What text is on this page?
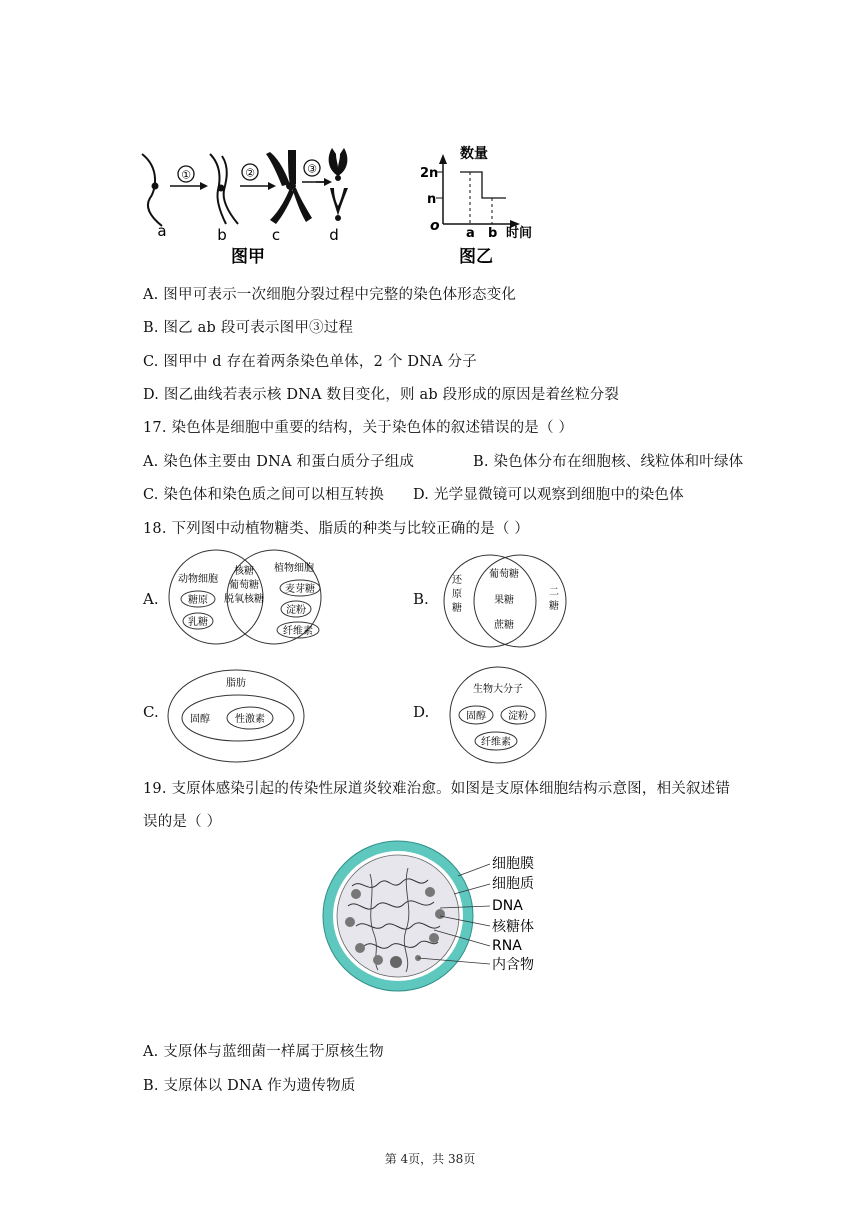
①	②	③
a	b	c	d
图甲
数量
2n
n
o a b 时间
图乙
A. 图甲可表示一次细胞分裂过程中完整的染色体形态变化
B. 图乙 ab 段可表示图甲③过程
C. 图甲中 d 存在着两条染色单体，2 个 DNA 分子
D. 图乙曲线若表示核 DNA 数目变化，则 ab 段形成的原因是着丝粒分裂
17. 染色体是细胞中重要的结构，关于染色体的叙述错误的是（ ）
A. 染色体主要由 DNA 和蛋白质分子组成	B. 染色体分布在细胞核、线粒体和叶绿体
C. 染色体和染色质之间可以相互转换 D. 光学显微镜可以观察到细胞中的染色体
18. 下列图中动植物糖类、脂质的种类与比较正确的是（ ）
A.	B.
C.	D.
动物细胞
植物细胞
核糖
葡萄糖
脱氧核糖
糖原
乳糖
麦芽糖
淀粉
纤维素
还
原
糖
葡萄糖
果糖
蔗糖
二
糖
脂肪
固醇	性激素
生物大分子
固醇 淀粉
纤维素
19. 支原体感染引起的传染性尿道炎较难治愈。如图是支原体细胞结构示意图，相关叙述错
误的是（ ）
细胞膜
细胞质
DNA
核糖体
RNA
内含物
A. 支原体与蓝细菌一样属于原核生物
B. 支原体以 DNA 作为遗传物质
第 4页，共 38页
